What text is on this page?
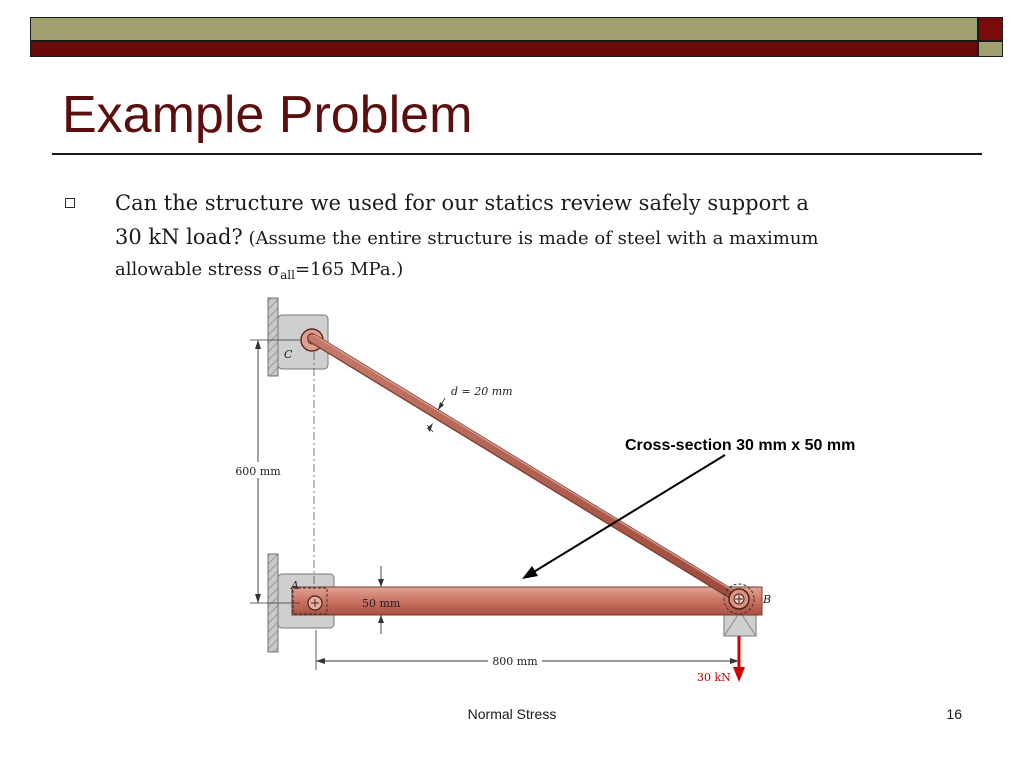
Example Problem
Can the structure we used for our statics review safely support a
30 kN load? (Assume the entire structure is made of steel with a maximum
allowable stress $\sigma_{all}=165$ MPa.)
600 mm
50 mm
800 mm
d = 20 mm
C
A
B
30 kN
Cross-section 30 mm x 50 mm
Normal Stress	16
